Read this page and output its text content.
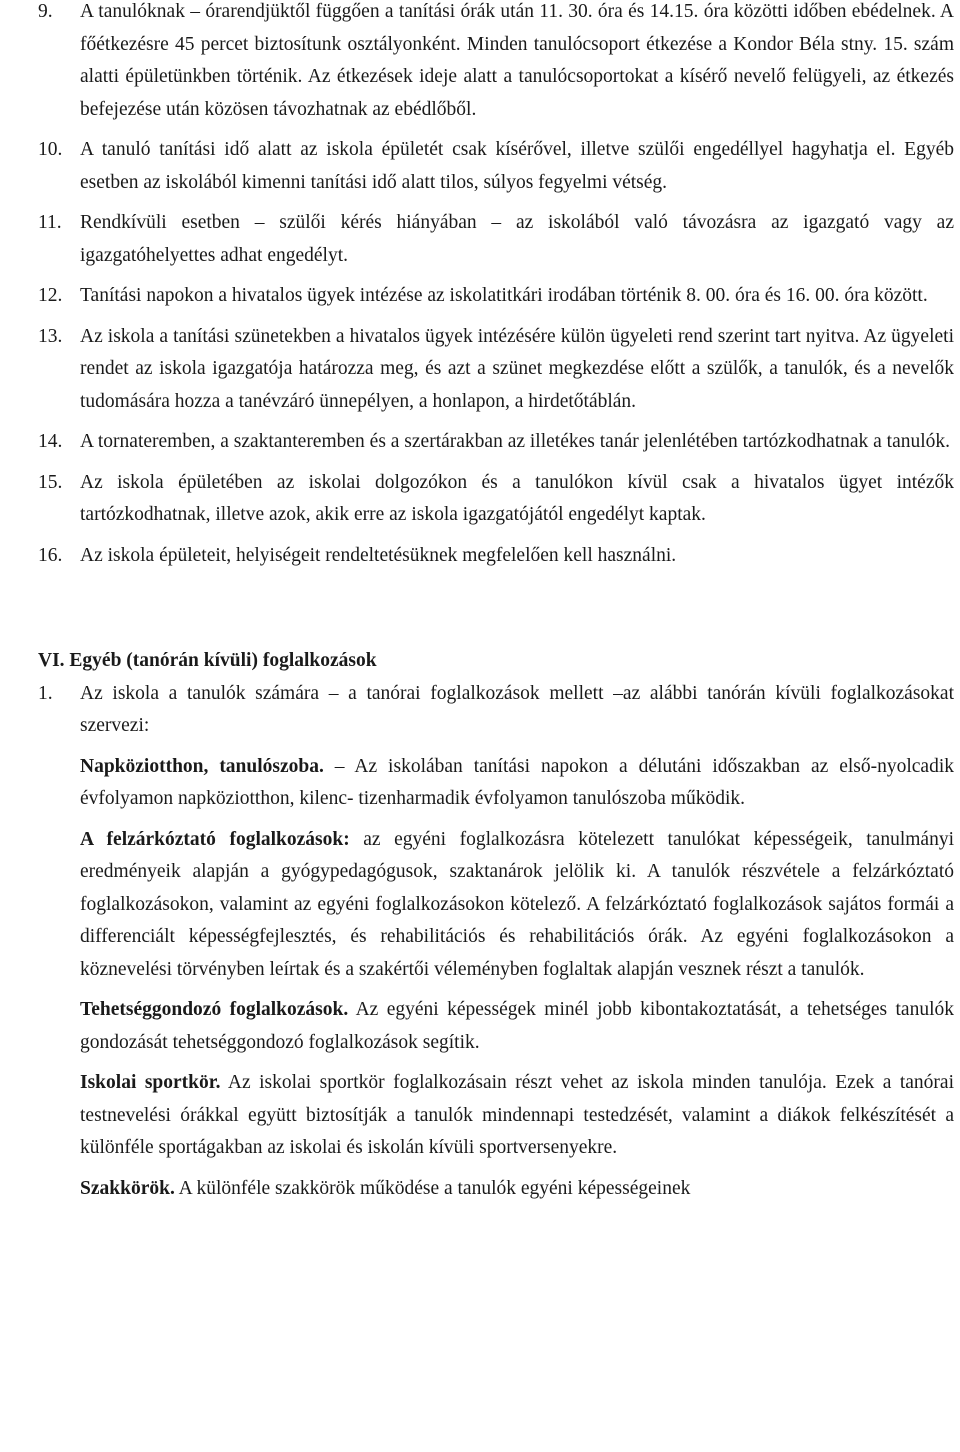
9. A tanulóknak – órarendjüktől függően a tanítási órák után 11. 30. óra és 14.15. óra közötti időben ebédelnek. A főétkezésre 45 percet biztosítunk osztályonként. Minden tanulócsoport étkezése a Kondor Béla stny. 15. szám alatti épületünkben történik. Az étkezések ideje alatt a tanulócsoportokat a kísérő nevelő felügyeli, az étkezés befejezése után közösen távozhatnak az ebédlőből.

10. A tanuló tanítási idő alatt az iskola épületét csak kísérővel, illetve szülői engedéllyel hagyhatja el. Egyéb esetben az iskolából kimenni tanítási idő alatt tilos, súlyos fegyelmi vétség.

11. Rendkívüli esetben – szülői kérés hiányában – az iskolából való távozásra az igazgató vagy az igazgatóhelyettes adhat engedélyt.

12. Tanítási napokon a hivatalos ügyek intézése az iskolatitkári irodában történik 8. 00. óra és 16. 00. óra között.

13. Az iskola a tanítási szünetekben a hivatalos ügyek intézésére külön ügyeleti rend szerint tart nyitva. Az ügyeleti rendet az iskola igazgatója határozza meg, és azt a szünet megkezdése előtt a szülők, a tanulók, és a nevelők tudomására hozza a tanévzáró ünnepélyen, a honlapon, a hirdetőtáblán.

14. A tornateremben, a szaktanteremben és a szertárakban az illetékes tanár jelenlétében tartózkodhatnak a tanulók.

15. Az iskola épületében az iskolai dolgozókon és a tanulókon kívül csak a hivatalos ügyet intézők tartózkodhatnak, illetve azok, akik erre az iskola igazgatójától engedélyt kaptak.

16. Az iskola épületeit, helyiségeit rendeltetésüknek megfelelően kell használni.

VI. Egyéb (tanórán kívüli) foglalkozások

1. Az iskola a tanulók számára – a tanórai foglalkozások mellett –az alábbi tanórán kívüli foglalkozásokat szervezi:

Napköziotthon, tanulószoba. – Az iskolában tanítási napokon a délutáni időszakban az első-nyolcadik évfolyamon napköziotthon, kilenc- tizenharmadik évfolyamon tanulószoba működik.

A felzárkóztató foglalkozások: az egyéni foglalkozásra kötelezett tanulókat képességeik, tanulmányi eredményeik alapján a gyógypedagógusok, szaktanárok jelölik ki. A tanulók részvétele a felzárkóztató foglalkozásokon, valamint az egyéni foglalkozásokon kötelező. A felzárkóztató foglalkozások sajátos formái a differenciált képességfejlesztés, és rehabilitációs és rehabilitációs órák. Az egyéni foglalkozásokon a köznevelési törvényben leírtak és a szakértői véleményben foglaltak alapján vesznek részt a tanulók.

Tehetséggondozó foglalkozások. Az egyéni képességek minél jobb kibontakoztatását, a tehetséges tanulók gondozását tehetséggondozó foglalkozások segítik.

Iskolai sportkör. Az iskolai sportkör foglalkozásain részt vehet az iskola minden tanulója. Ezek a tanórai testnevelési órákkal együtt biztosítják a tanulók mindennapi testedzését, valamint a diákok felkészítését a különféle sportágakban az iskolai és iskolán kívüli sportversenyekre.

Szakkörök. A különféle szakkörök működése a tanulók egyéni képességeinek
